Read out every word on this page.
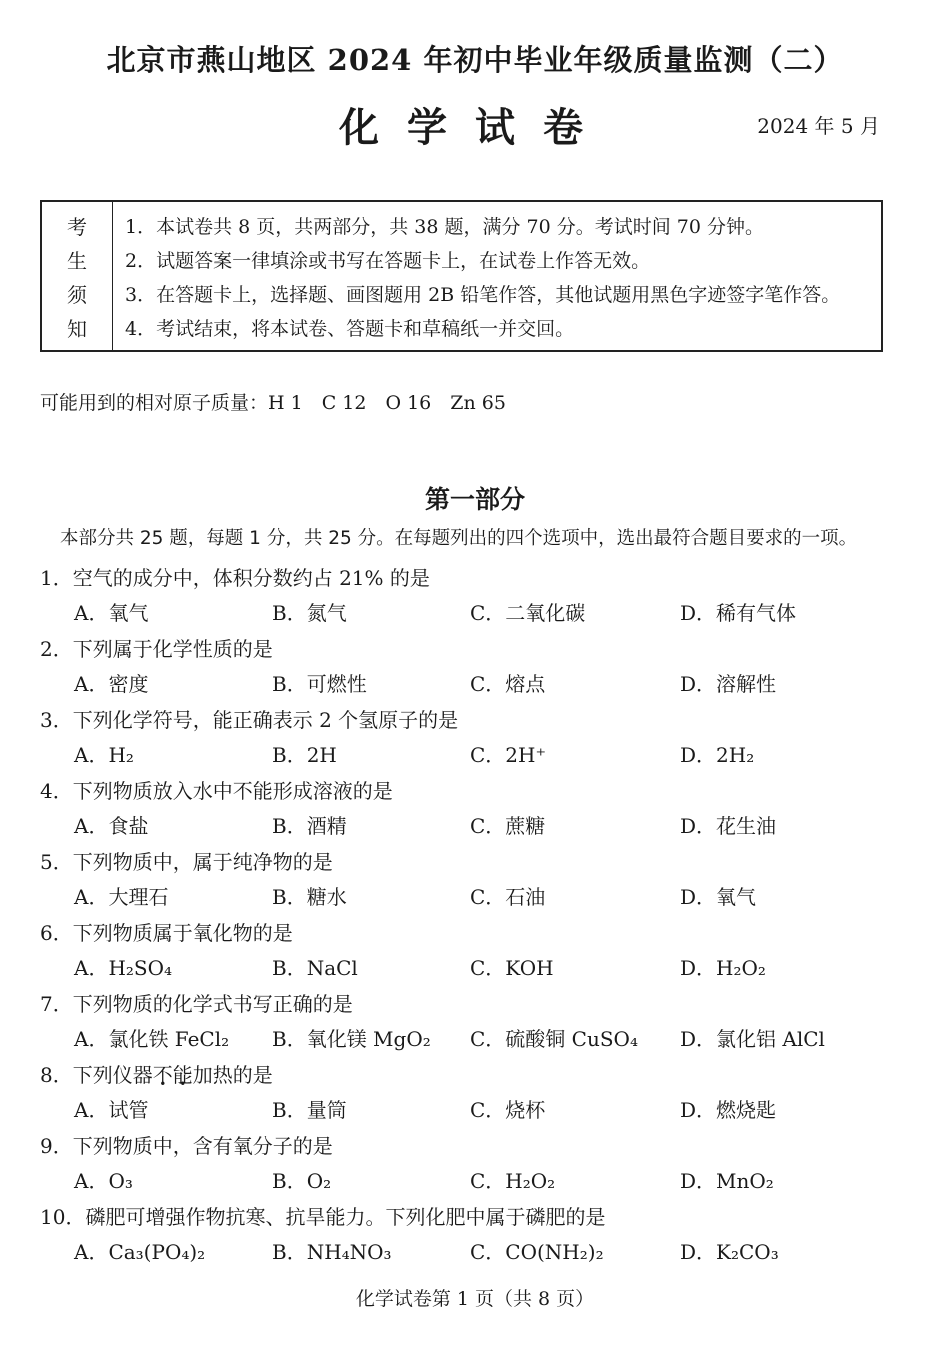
北京市燕山地区 2024 年初中毕业年级质量监测（二）
化学试卷	2024 年 5 月
考
生
须
知
1．本试卷共 8 页，共两部分，共 38 题，满分 70 分。考试时间 70 分钟。
2．试题答案一律填涂或书写在答题卡上，在试卷上作答无效。
3．在答题卡上，选择题、画图题用 2B 铅笔作答，其他试题用黑色字迹签字笔作答。
4．考试结束，将本试卷、答题卡和草稿纸一并交回。
可能用到的相对原子质量：H 1　C 12　O 16　Zn 65
第一部分
本部分共 25 题，每题 1 分，共 25 分。在每题列出的四个选项中，选出最符合题目要求的一项。
1．空气的成分中，体积分数约占 21% 的是
A．氧气	B．氮气	C．二氧化碳	D．稀有气体
2．下列属于化学性质的是
A．密度	B．可燃性	C．熔点	D．溶解性
3．下列化学符号，能正确表示 2 个氢原子的是
A．H₂	B．2H	C．2H⁺	D．2H₂
4．下列物质放入水中不能形成溶液的是
A．食盐	B．酒精	C．蔗糖	D．花生油
5．下列物质中，属于纯净物的是
A．大理石	B．糖水	C．石油	D．氧气
6．下列物质属于氧化物的是
A．H₂SO₄	B．NaCl	C．KOH	D．H₂O₂
7．下列物质的化学式书写正确的是
A．氯化铁 FeCl₂ B．氧化镁 MgO₂ C．硫酸铜 CuSO₄ D．氯化铝 AlCl
8．下列仪器不能加热的是
A．试管	B．量筒	C．烧杯	D．燃烧匙
9．下列物质中，含有氧分子的是
A．O₃	B．O₂	C．H₂O₂	D．MnO₂
10．磷肥可增强作物抗寒、抗旱能力。下列化肥中属于磷肥的是
A．Ca₃(PO₄)₂	B．NH₄NO₃	C．CO(NH₂)₂	D．K₂CO₃
化学试卷第 1 页（共 8 页）
